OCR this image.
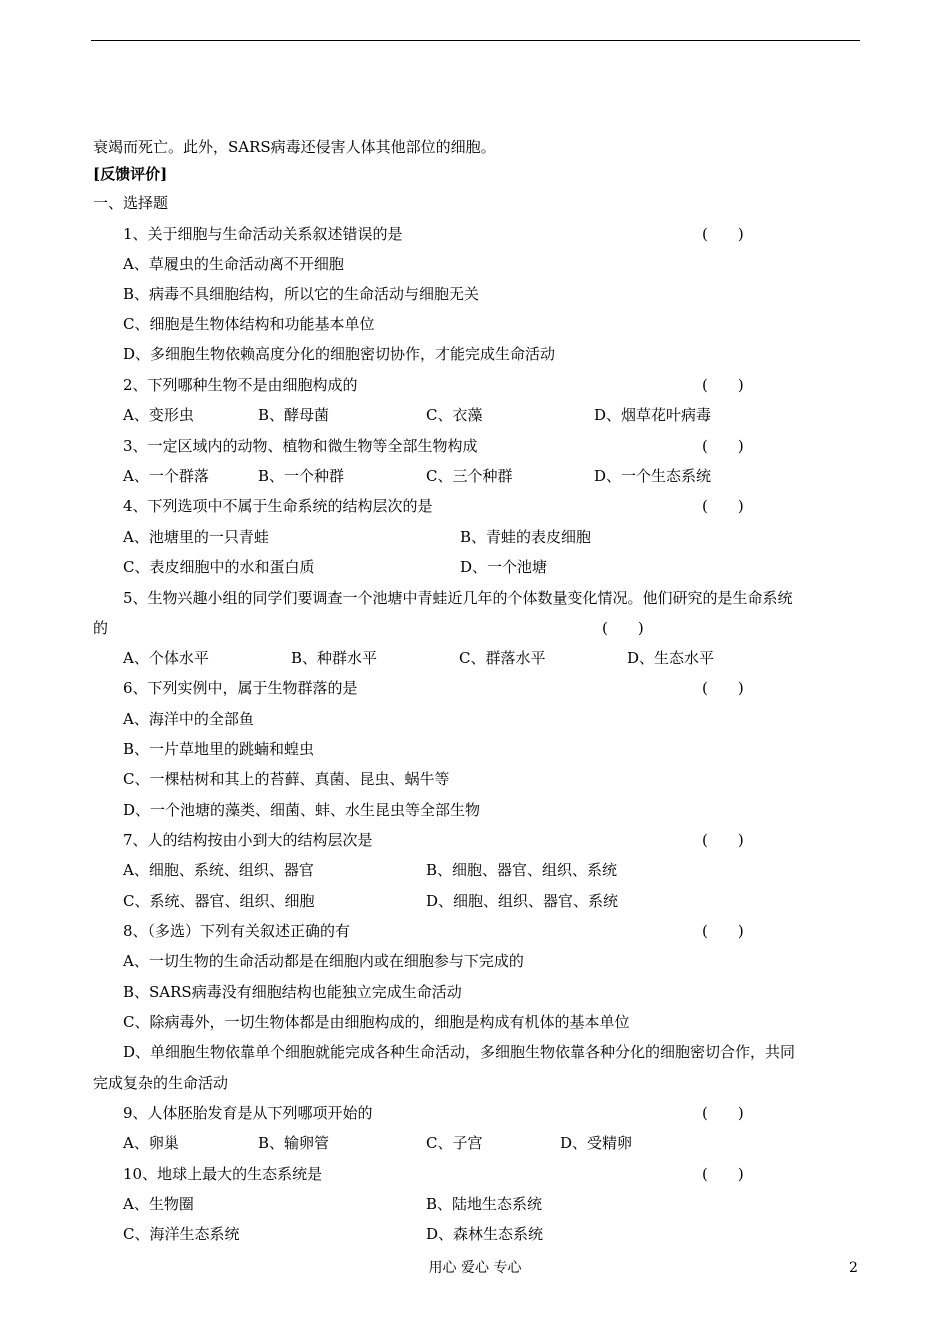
衰竭而死亡。此外，SARS病毒还侵害人体其他部位的细胞。
[反馈评价]
一、选择题
1、关于细胞与生命活动关系叙述错误的是	(　　)
A、草履虫的生命活动离不开细胞
B、病毒不具细胞结构，所以它的生命活动与细胞无关
C、细胞是生物体结构和功能基本单位
D、多细胞生物依赖高度分化的细胞密切协作，才能完成生命活动
2、下列哪种生物不是由细胞构成的	(　　)
A、变形虫	B、酵母菌	C、衣藻	D、烟草花叶病毒
3、一定区域内的动物、植物和微生物等全部生物构成	(　　)
A、一个群落	B、一个种群	C、三个种群	D、一个生态系统
4、下列选项中不属于生命系统的结构层次的是	(　　)
A、池塘里的一只青蛙	B、青蛙的表皮细胞
C、表皮细胞中的水和蛋白质	D、一个池塘
5、生物兴趣小组的同学们要调查一个池塘中青蛙近几年的个体数量变化情况。他们研究的是生命系统
的	(　　)
A、个体水平	B、种群水平	C、群落水平	D、生态水平
6、下列实例中，属于生物群落的是	(　　)
A、海洋中的全部鱼
B、一片草地里的跳蝻和蝗虫
C、一棵枯树和其上的苔藓、真菌、昆虫、蜗牛等
D、一个池塘的藻类、细菌、蚌、水生昆虫等全部生物
7、人的结构按由小到大的结构层次是	(　　)
A、细胞、系统、组织、器官	B、细胞、器官、组织、系统
C、系统、器官、组织、细胞	D、细胞、组织、器官、系统
8、（多选）下列有关叙述正确的有	(　　)
A、一切生物的生命活动都是在细胞内或在细胞参与下完成的
B、SARS病毒没有细胞结构也能独立完成生命活动
C、除病毒外，一切生物体都是由细胞构成的，细胞是构成有机体的基本单位
D、单细胞生物依靠单个细胞就能完成各种生命活动，多细胞生物依靠各种分化的细胞密切合作，共同
完成复杂的生命活动
9、人体胚胎发育是从下列哪项开始的	(　　)
A、卵巢	B、输卵管	C、子宫	D、受精卵
10、地球上最大的生态系统是	(　　)
A、生物圈	B、陆地生态系统
C、海洋生态系统	D、森林生态系统
用心 爱心 专心	2
